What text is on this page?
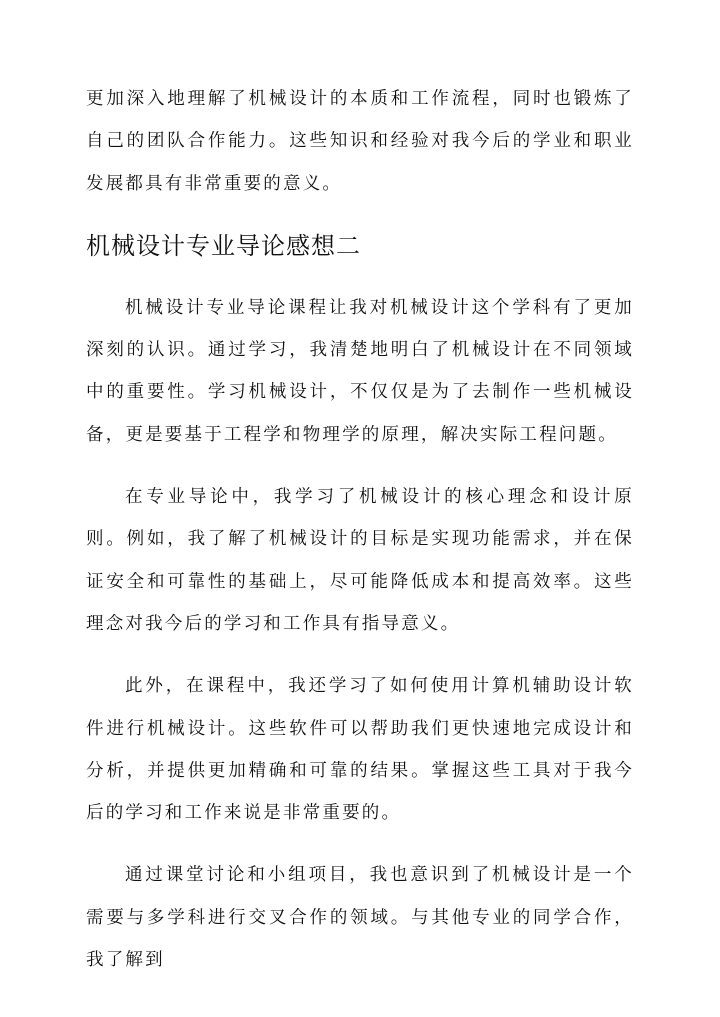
更加深入地理解了机械设计的本质和工作流程，同时也锻炼了自己的团队合作能力。这些知识和经验对我今后的学业和职业发展都具有非常重要的意义。

机械设计专业导论感想二

机械设计专业导论课程让我对机械设计这个学科有了更加深刻的认识。通过学习，我清楚地明白了机械设计在不同领域中的重要性。学习机械设计，不仅仅是为了去制作一些机械设备，更是要基于工程学和物理学的原理，解决实际工程问题。

在专业导论中，我学习了机械设计的核心理念和设计原则。例如，我了解了机械设计的目标是实现功能需求，并在保证安全和可靠性的基础上，尽可能降低成本和提高效率。这些理念对我今后的学习和工作具有指导意义。

此外，在课程中，我还学习了如何使用计算机辅助设计软件进行机械设计。这些软件可以帮助我们更快速地完成设计和分析，并提供更加精确和可靠的结果。掌握这些工具对于我今后的学习和工作来说是非常重要的。

通过课堂讨论和小组项目，我也意识到了机械设计是一个需要与多学科进行交叉合作的领域。与其他专业的同学合作，我了解到
